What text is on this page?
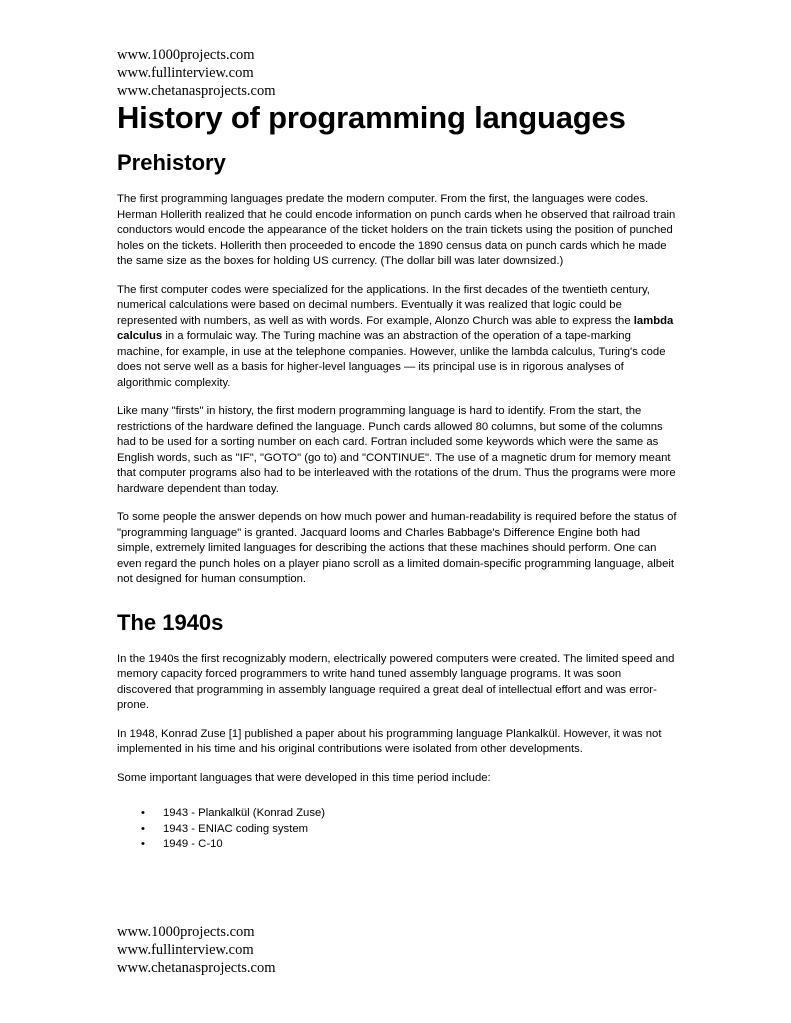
www.1000projects.com
www.fullinterview.com
www.chetanasprojects.com
History of programming languages
Prehistory

The first programming languages predate the modern computer. From the first, the languages were codes. Herman Hollerith realized that he could encode information on punch cards when he observed that railroad train conductors would encode the appearance of the ticket holders on the train tickets using the position of punched holes on the tickets. Hollerith then proceeded to encode the 1890 census data on punch cards which he made the same size as the boxes for holding US currency. (The dollar bill was later downsized.)

The first computer codes were specialized for the applications. In the first decades of the twentieth century, numerical calculations were based on decimal numbers. Eventually it was realized that logic could be represented with numbers, as well as with words. For example, Alonzo Church was able to express the lambda calculus in a formulaic way. The Turing machine was an abstraction of the operation of a tape-marking machine, for example, in use at the telephone companies. However, unlike the lambda calculus, Turing's code does not serve well as a basis for higher-level languages — its principal use is in rigorous analyses of algorithmic complexity.

Like many "firsts" in history, the first modern programming language is hard to identify. From the start, the restrictions of the hardware defined the language. Punch cards allowed 80 columns, but some of the columns had to be used for a sorting number on each card. Fortran included some keywords which were the same as English words, such as "IF", "GOTO" (go to) and "CONTINUE". The use of a magnetic drum for memory meant that computer programs also had to be interleaved with the rotations of the drum. Thus the programs were more hardware dependent than today.

To some people the answer depends on how much power and human-readability is required before the status of "programming language" is granted. Jacquard looms and Charles Babbage's Difference Engine both had simple, extremely limited languages for describing the actions that these machines should perform. One can even regard the punch holes on a player piano scroll as a limited domain-specific programming language, albeit not designed for human consumption.

The 1940s

In the 1940s the first recognizably modern, electrically powered computers were created. The limited speed and memory capacity forced programmers to write hand tuned assembly language programs. It was soon discovered that programming in assembly language required a great deal of intellectual effort and was error-prone.

In 1948, Konrad Zuse [1] published a paper about his programming language Plankalkül. However, it was not implemented in his time and his original contributions were isolated from other developments.

Some important languages that were developed in this time period include:

• 1943 - Plankalkül (Konrad Zuse)
• 1943 - ENIAC coding system
• 1949 - C-10
www.1000projects.com
www.fullinterview.com
www.chetanasprojects.com
